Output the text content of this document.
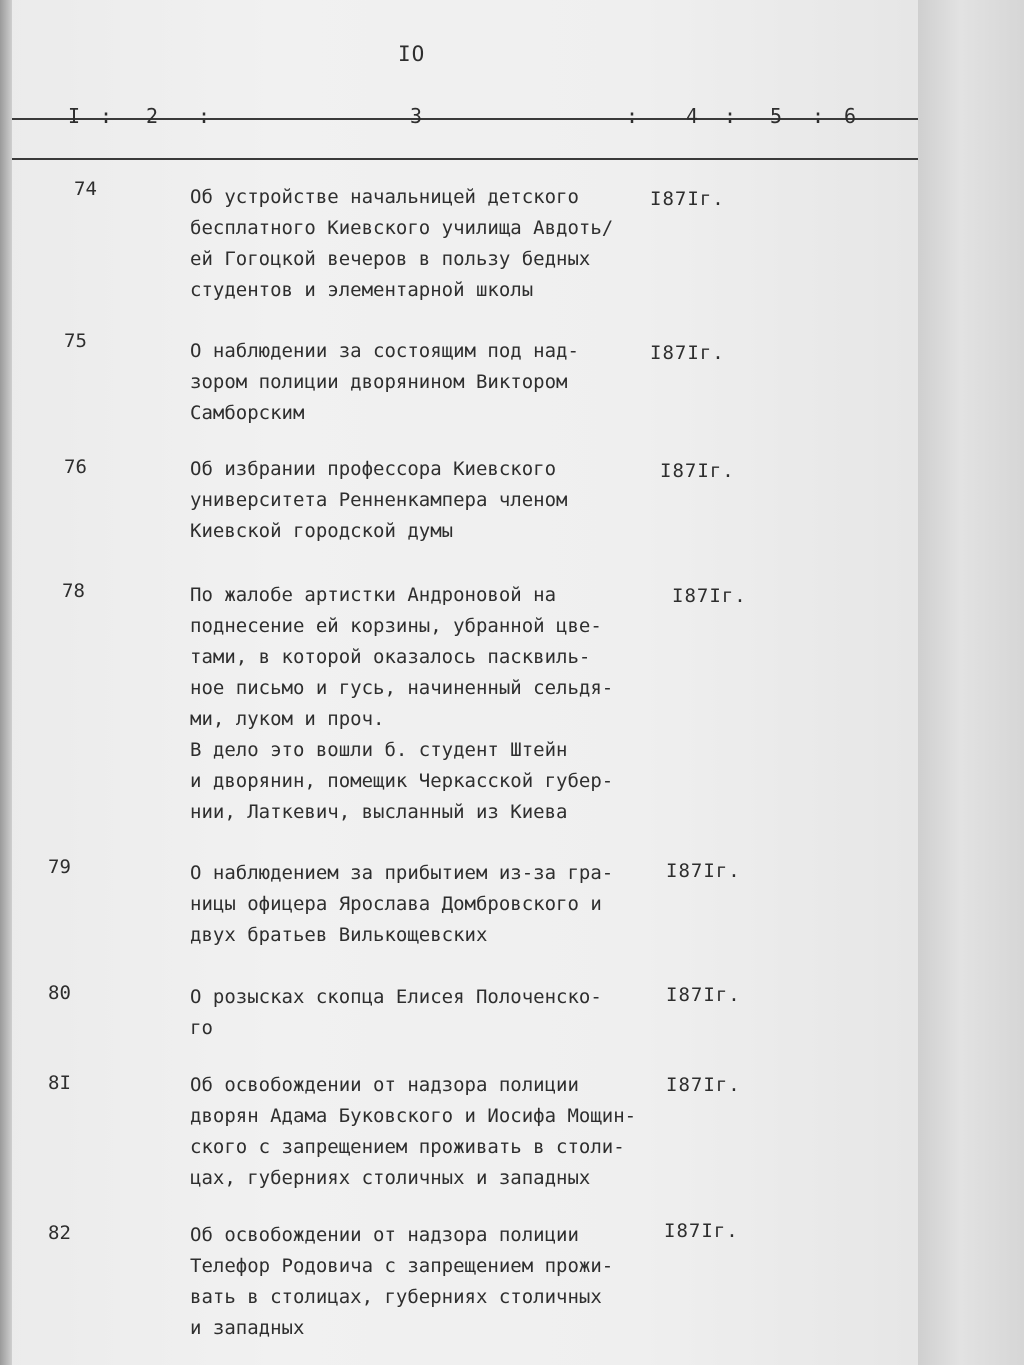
IO
I : 2 :	3	: 4 : 5 : 6
74	Об устройстве начальницей детского
бесплатного Киевского училища Авдоть/
ей Гогоцкой вечеров в пользу бедных
студентов и элементарной школы
I87Iг.
75	О наблюдении за состоящим под над-
зором полиции дворянином Виктором
Самборским
I87Iг.
76	Об избрании профессора Киевского
университета Ренненкампера членом
Киевской городской думы
I87Iг.
78	По жалобе артистки Андроновой на
поднесение ей корзины, убранной цве-
тами, в которой оказалось пасквиль-
ное письмо и гусь, начиненный сельдя-
ми, луком и проч.
В дело это вошли б. студент Штейн
и дворянин, помещик Черкасской губер-
нии, Латкевич, высланный из Киева
I87Iг.
79	О наблюдением за прибытием из-за гра-
ницы офицера Ярослава Домбровского и
двух братьев Вилькощевских
I87Iг.
80	О розысках скопца Елисея Полоченско-
го
I87Iг.
8I	Об освобождении от надзора полиции
дворян Адама Буковского и Иосифа Мощин-
ского с запрещением проживать в столи-
цах, губерниях столичных и западных
I87Iг.
82	Об освобождении от надзора полиции
Телефор Родовича с запрещением прожи-
вать в столицах, губерниях столичных
и западных
I87Iг.
